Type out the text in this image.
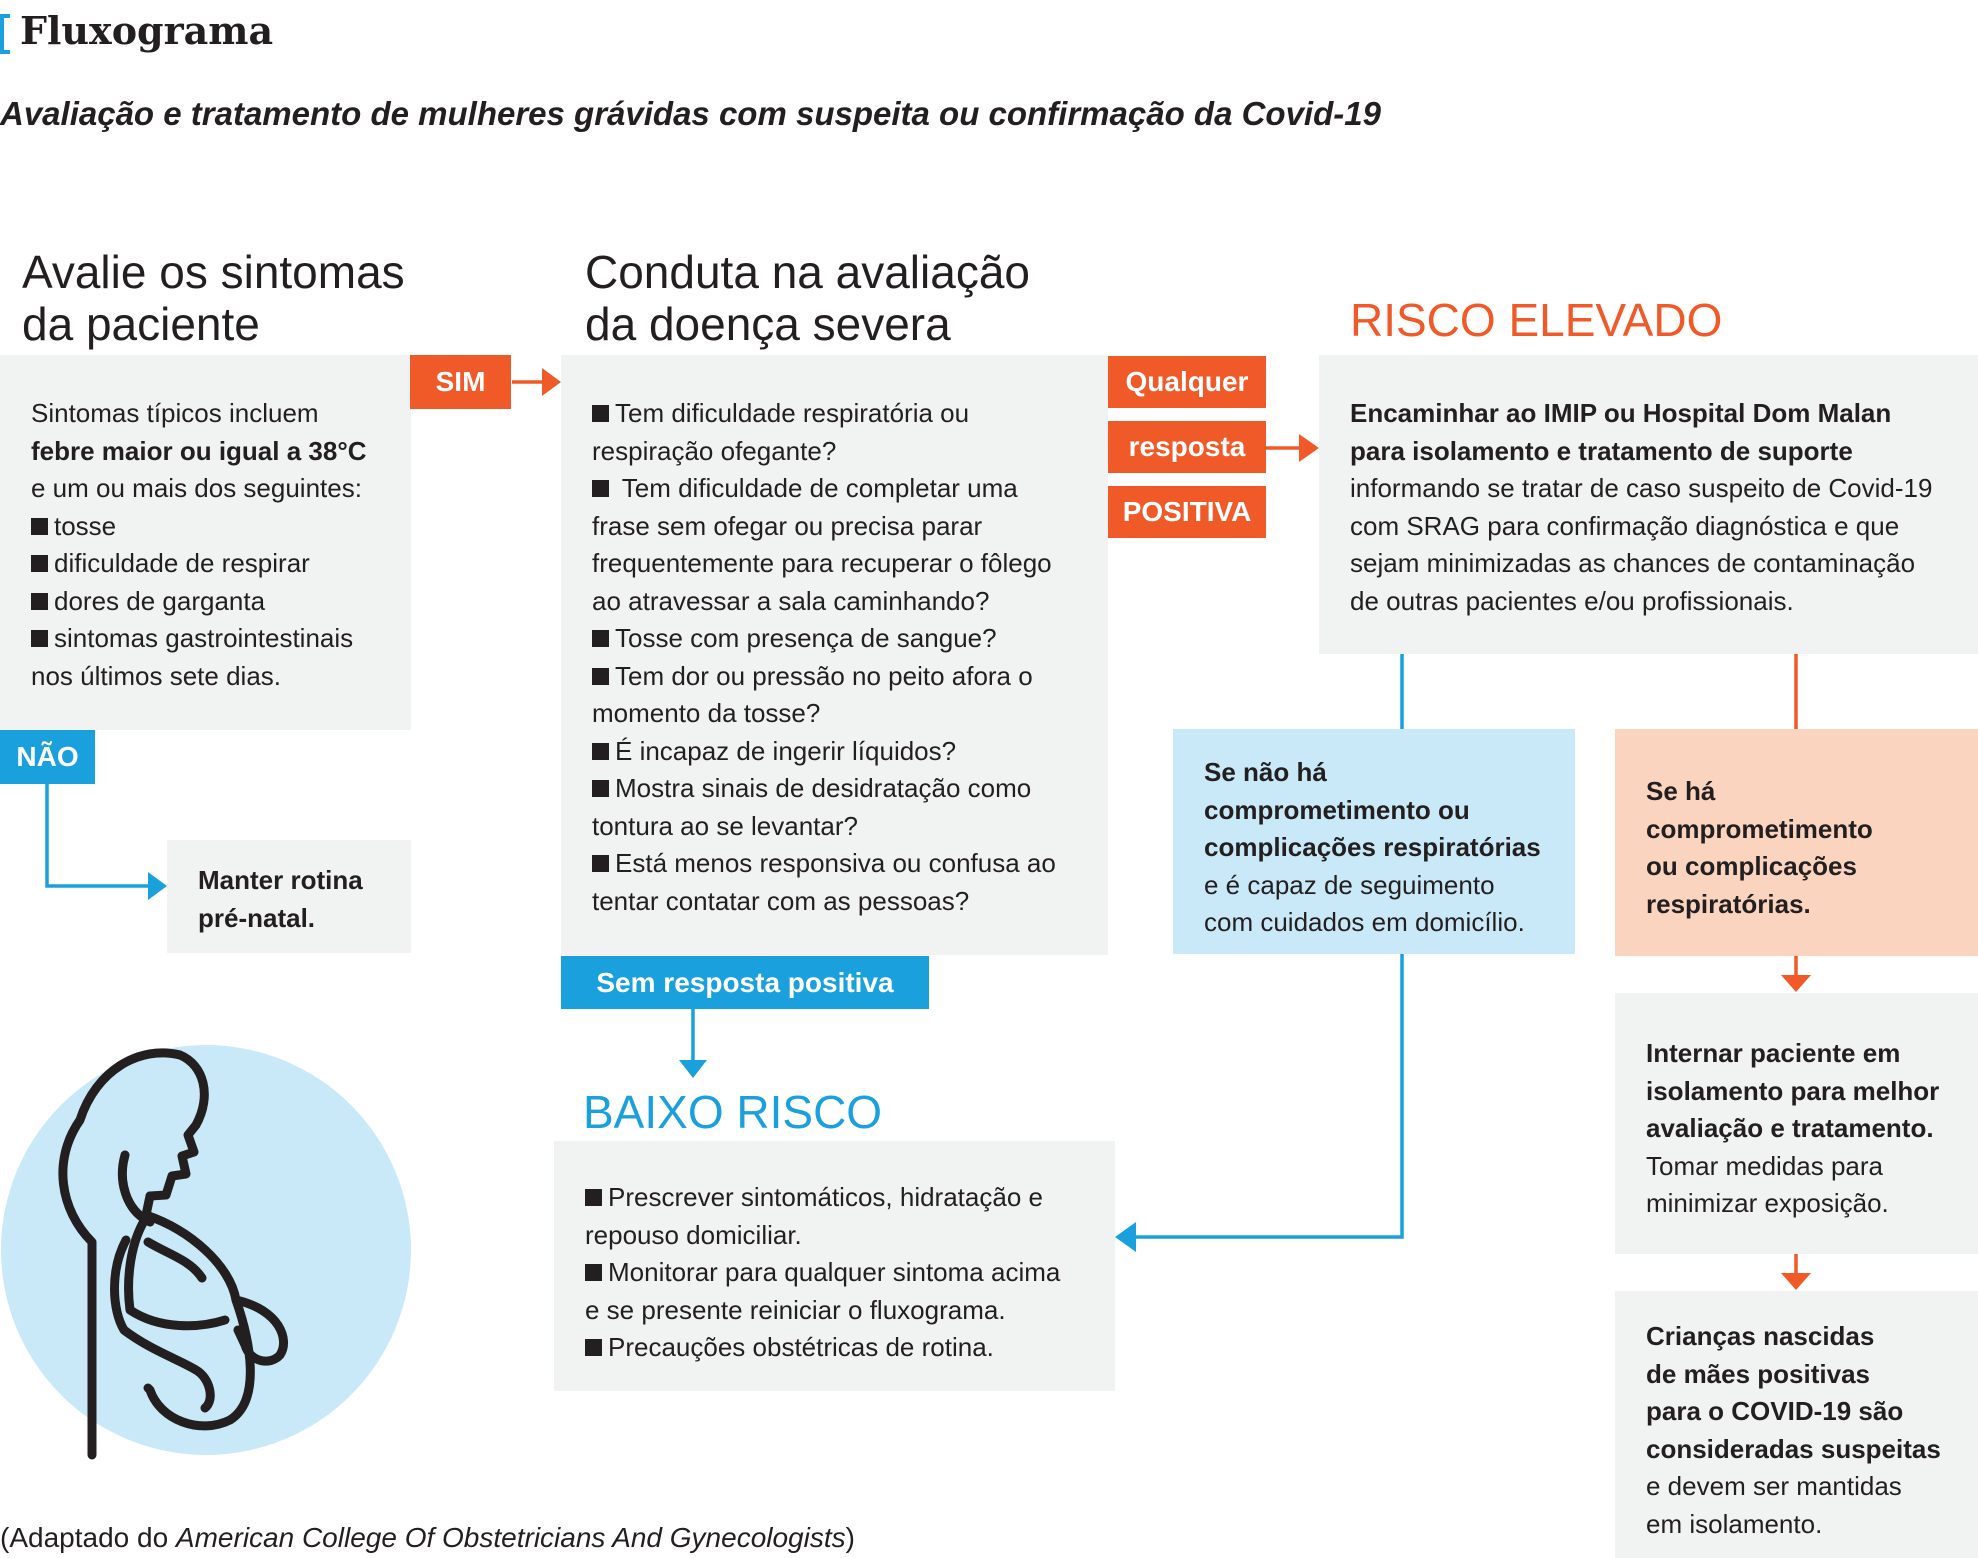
Fluxograma
Avaliação e tratamento de mulheres grávidas com suspeita ou confirmação da Covid-19
Avalie os sintomas
da paciente
Sintomas típicos incluem
febre maior ou igual a 38°C
e um ou mais dos seguintes:
tosse
dificuldade de respirar
dores de garganta
sintomas gastrointestinais
nos últimos sete dias.
SIM
NÃO
Manter rotina
pré-natal.
Conduta na avaliação
da doença severa
Tem dificuldade respiratória ou
respiração ofegante?
Tem dificuldade de completar uma
frase sem ofegar ou precisa parar
frequentemente para recuperar o fôlego
ao atravessar a sala caminhando?
Tosse com presença de sangue?
Tem dor ou pressão no peito afora o
momento da tosse?
É incapaz de ingerir líquidos?
Mostra sinais de desidratação como
tontura ao se levantar?
Está menos responsiva ou confusa ao
tentar contatar com as pessoas?
Sem resposta positiva
Qualquer
resposta
POSITIVA
BAIXO RISCO
Prescrever sintomáticos, hidratação e
repouso domiciliar.
Monitorar para qualquer sintoma acima
e se presente reiniciar o fluxograma.
Precauções obstétricas de rotina.
RISCO ELEVADO
Encaminhar ao IMIP ou Hospital Dom Malan
para isolamento e tratamento de suporte
informando se tratar de caso suspeito de Covid-19
com SRAG para confirmação diagnóstica e que
sejam minimizadas as chances de contaminação
de outras pacientes e/ou profissionais.
Se não há
comprometimento ou
complicações respiratórias
e é capaz de seguimento
com cuidados em domicílio.
Se há
comprometimento
ou complicações
respiratórias.
Internar paciente em
isolamento para melhor
avaliação e tratamento.
Tomar medidas para
minimizar exposição.
Crianças nascidas
de mães positivas
para o COVID-19 são
consideradas suspeitas
e devem ser mantidas
em isolamento.
(Adaptado do American College Of Obstetricians And Gynecologists)
